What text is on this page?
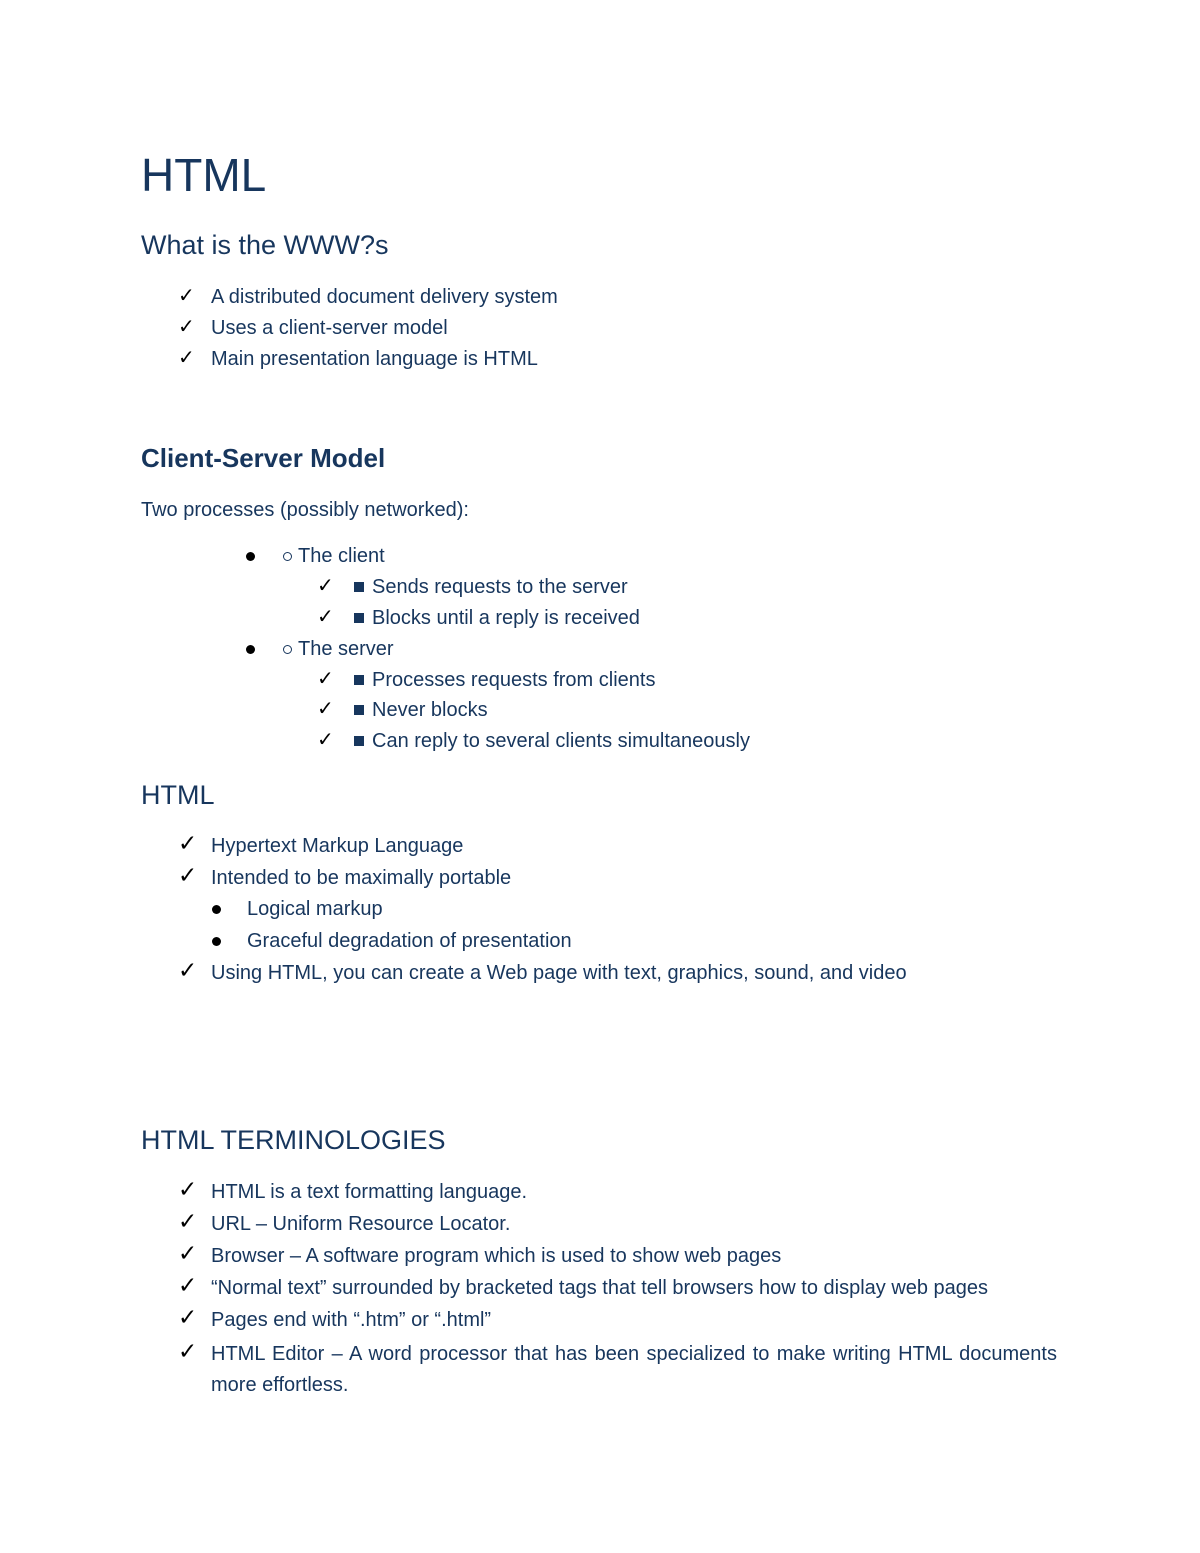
HTML
What is the WWW?s
✓ A distributed document delivery system
✓ Uses a client-server model
✓ Main presentation language is HTML
Client-Server Model

Two processes (possibly networked):

The client
✓ Sends requests to the server
✓ Blocks until a reply is received
The server
✓ Processes requests from clients
✓ Never blocks
✓ Can reply to several clients simultaneously
HTML
✓ Hypertext Markup Language
✓ Intended to be maximally portable
Logical markup
Graceful degradation of presentation
✓ Using HTML, you can create a Web page with text, graphics, sound, and video
HTML TERMINOLOGIES
✓ HTML is a text formatting language.
✓ URL – Uniform Resource Locator.
✓ Browser – A software program which is used to show web pages
✓ “Normal text” surrounded by bracketed tags that tell browsers how to display web pages
✓ Pages end with “.htm” or “.html”
✓ HTML Editor – A word processor that has been specialized to make writing HTML documents more effortless.
